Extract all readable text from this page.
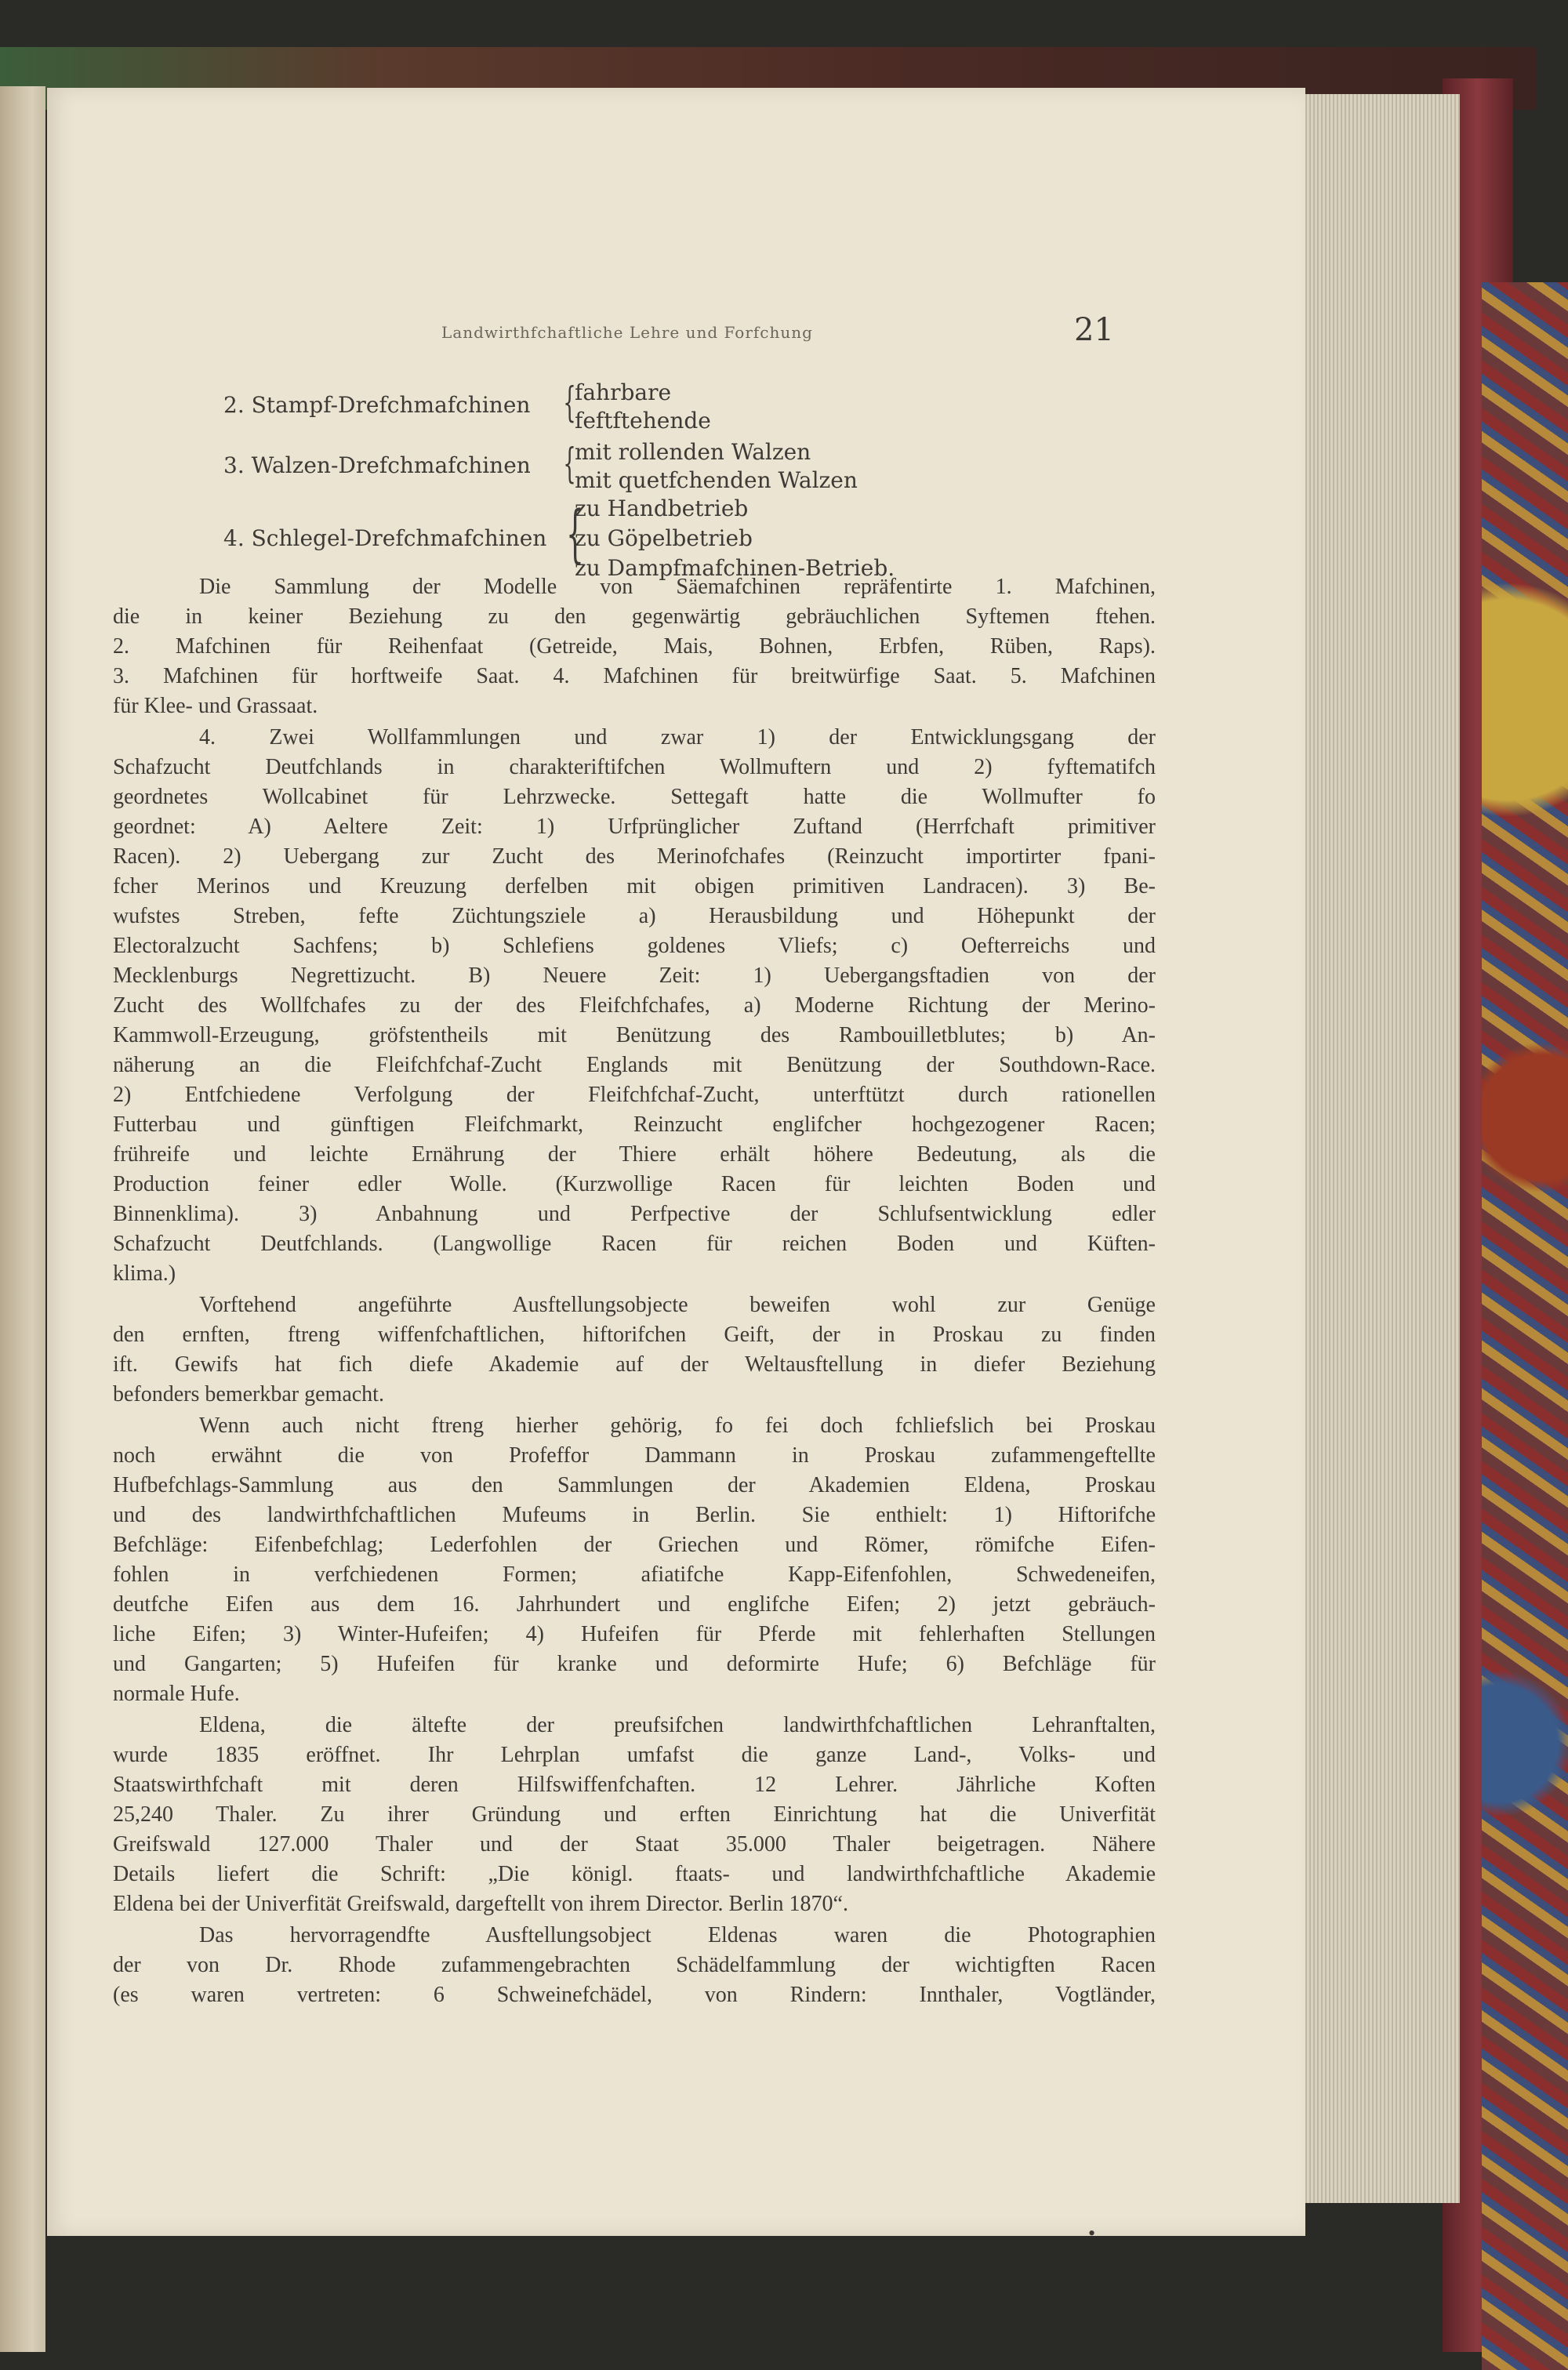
Landwirthfchaftliche Lehre und Forfchung	21
2. Stampf-Drefchmafchinen {
fahrbare
feftftehende
3. Walzen-Drefchmafchinen {
mit rollenden Walzen
mit quetfchenden Walzen
4. Schlegel-Drefchmafchinen {
zu Handbetrieb
zu Göpelbetrieb
zu Dampfmafchinen-Betrieb.
Die Sammlung der Modelle von Säemafchinen repräfentirte 1. Mafchinen,
die in keiner Beziehung zu den gegenwärtig gebräuchlichen Syftemen ftehen.
2. Mafchinen für Reihenfaat (Getreide, Mais, Bohnen, Erbfen, Rüben, Raps).
3. Mafchinen für horftweife Saat. 4. Mafchinen für breitwürfige Saat. 5. Mafchinen
für Klee- und Grassaat.
4. Zwei Wollfammlungen und zwar 1) der Entwicklungsgang der
Schafzucht Deutfchlands in charakteriftifchen Wollmuftern und 2) fyftematifch
geordnetes Wollcabinet für Lehrzwecke. Settegaft hatte die Wollmufter fo
geordnet: A) Aeltere Zeit: 1) Urfprünglicher Zuftand (Herrfchaft primitiver
Racen). 2) Uebergang zur Zucht des Merinofchafes (Reinzucht importirter fpani-
fcher Merinos und Kreuzung derfelben mit obigen primitiven Landracen). 3) Be-
wufstes Streben, fefte Züchtungsziele a) Herausbildung und Höhepunkt der
Electoralzucht Sachfens; b) Schlefiens goldenes Vliefs; c) Oefterreichs und
Mecklenburgs Negrettizucht. B) Neuere Zeit: 1) Uebergangsftadien von der
Zucht des Wollfchafes zu der des Fleifchfchafes, a) Moderne Richtung der Merino-
Kammwoll-Erzeugung, gröfstentheils mit Benützung des Rambouilletblutes; b) An-
näherung an die Fleifchfchaf-Zucht Englands mit Benützung der Southdown-Race.
2) Entfchiedene Verfolgung der Fleifchfchaf-Zucht, unterftützt durch rationellen
Futterbau und günftigen Fleifchmarkt, Reinzucht englifcher hochgezogener Racen;
frühreife und leichte Ernährung der Thiere erhält höhere Bedeutung, als die
Production feiner edler Wolle. (Kurzwollige Racen für leichten Boden und
Binnenklima). 3) Anbahnung und Perfpective der Schlufsentwicklung edler
Schafzucht Deutfchlands. (Langwollige Racen für reichen Boden und Küften-
klima.)
Vorftehend angeführte Ausftellungsobjecte beweifen wohl zur Genüge
den ernften, ftreng wiffenfchaftlichen, hiftorifchen Geift, der in Proskau zu finden
ift. Gewifs hat fich diefe Akademie auf der Weltausftellung in diefer Beziehung
befonders bemerkbar gemacht.
Wenn auch nicht ftreng hierher gehörig, fo fei doch fchliefslich bei Proskau
noch erwähnt die von Profeffor Dammann in Proskau zufammengeftellte
Hufbefchlags-Sammlung aus den Sammlungen der Akademien Eldena, Proskau
und des landwirthfchaftlichen Mufeums in Berlin. Sie enthielt: 1) Hiftorifche
Befchläge: Eifenbefchlag; Lederfohlen der Griechen und Römer, römifche Eifen-
fohlen in verfchiedenen Formen; afiatifche Kapp-Eifenfohlen, Schwedeneifen,
deutfche Eifen aus dem 16. Jahrhundert und englifche Eifen; 2) jetzt gebräuch-
liche Eifen; 3) Winter-Hufeifen; 4) Hufeifen für Pferde mit fehlerhaften Stellungen
und Gangarten; 5) Hufeifen für kranke und deformirte Hufe; 6) Befchläge für
normale Hufe.
Eldena, die ältefte der preufsifchen landwirthfchaftlichen Lehranftalten,
wurde 1835 eröffnet. Ihr Lehrplan umfafst die ganze Land-, Volks- und
Staatswirthfchaft mit deren Hilfswiffenfchaften. 12 Lehrer. Jährliche Koften
25,240 Thaler. Zu ihrer Gründung und erften Einrichtung hat die Univerfität
Greifswald 127.000 Thaler und der Staat 35.000 Thaler beigetragen. Nähere
Details liefert die Schrift: „Die königl. ftaats- und landwirthfchaftliche Akademie
Eldena bei der Univerfität Greifswald, dargeftellt von ihrem Director. Berlin 1870“.
Das hervorragendfte Ausftellungsobject Eldenas waren die Photographien
der von Dr. Rhode zufammengebrachten Schädelfammlung der wichtigften Racen
(es waren vertreten: 6 Schweinefchädel, von Rindern: Innthaler, Vogtländer,
•
